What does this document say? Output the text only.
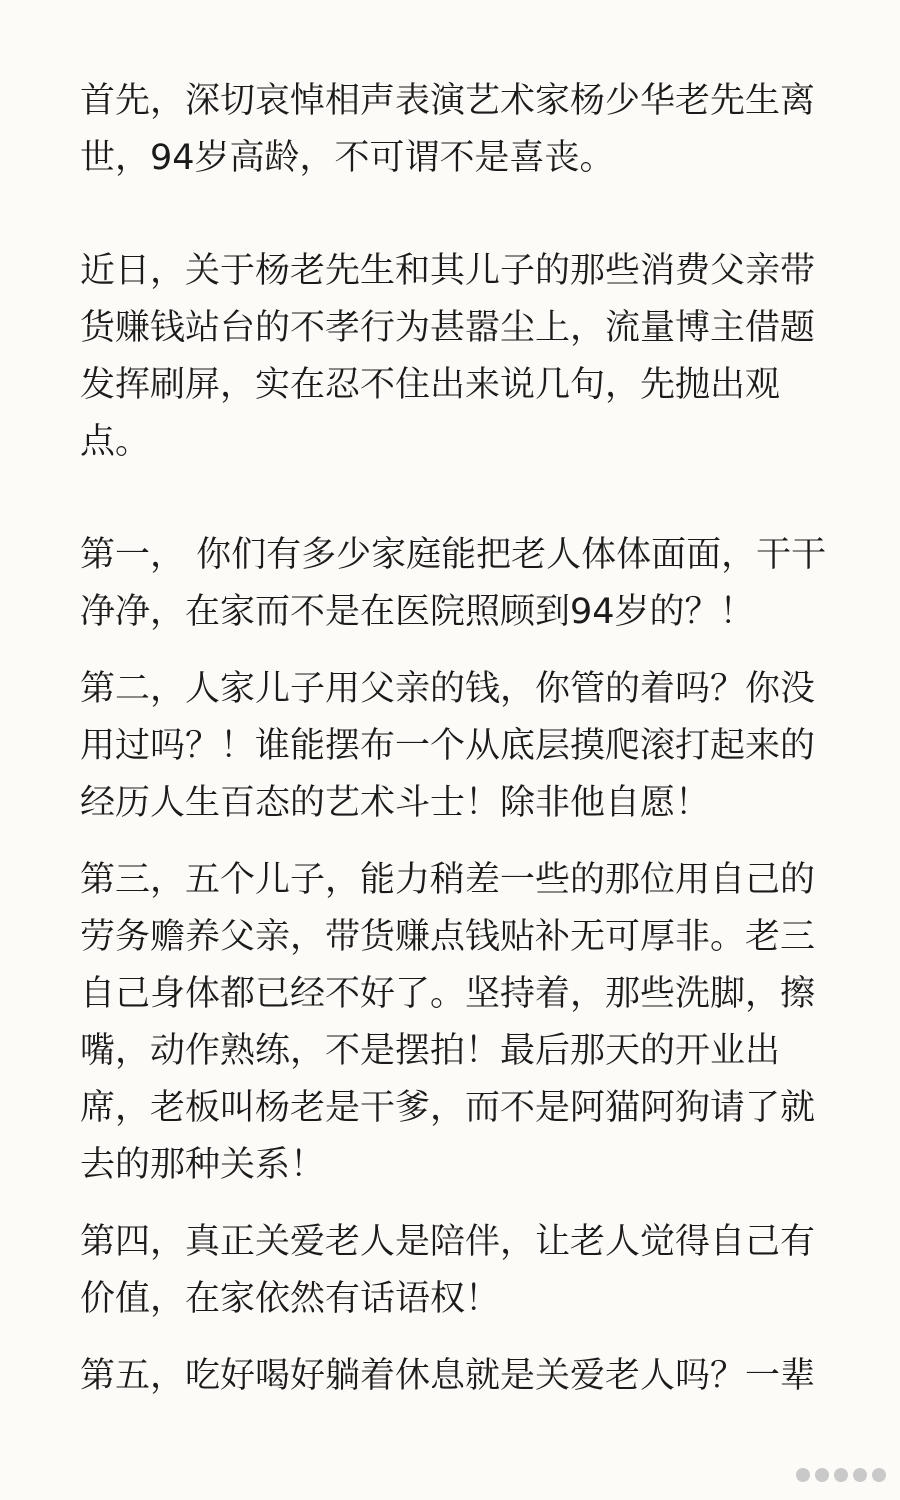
首先，深切哀悼相声表演艺术家杨少华老先生离
世，94岁高龄，不可谓不是喜丧。

近日，关于杨老先生和其儿子的那些消费父亲带
货赚钱站台的不孝行为甚嚣尘上，流量博主借题
发挥刷屏，实在忍不住出来说几句，先抛出观
点。

第一， 你们有多少家庭能把老人体体面面，干干
净净，在家而不是在医院照顾到94岁的？！

第二，人家儿子用父亲的钱，你管的着吗？你没
用过吗？！谁能摆布一个从底层摸爬滚打起来的
经历人生百态的艺术斗士！除非他自愿！

第三，五个儿子，能力稍差一些的那位用自己的
劳务赡养父亲，带货赚点钱贴补无可厚非。老三
自己身体都已经不好了。坚持着，那些洗脚，擦
嘴，动作熟练，不是摆拍！最后那天的开业出
席，老板叫杨老是干爹，而不是阿猫阿狗请了就
去的那种关系！

第四，真正关爱老人是陪伴，让老人觉得自己有
价值，在家依然有话语权！

第五，吃好喝好躺着休息就是关爱老人吗？一辈
